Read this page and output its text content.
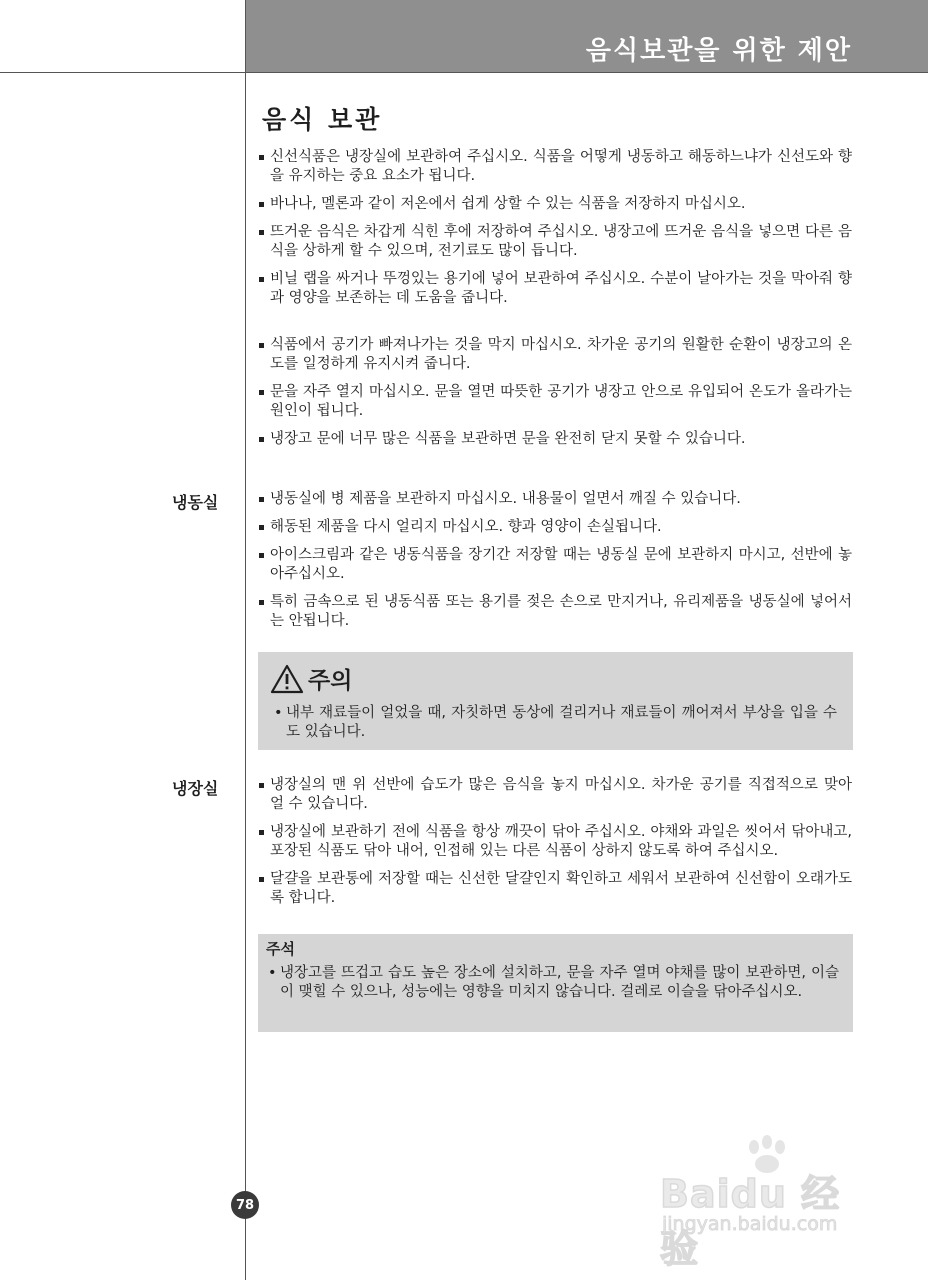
음식보관을 위한 제안
음식 보관
신선식품은 냉장실에 보관하여 주십시오. 식품을 어떻게 냉동하고 해동하느냐가 신선도와 향을 유지하는 중요 요소가 됩니다.
바나나, 멜론과 같이 저온에서 쉽게 상할 수 있는 식품을 저장하지 마십시오.
뜨거운 음식은 차갑게 식힌 후에 저장하여 주십시오. 냉장고에 뜨거운 음식을 넣으면 다른 음식을 상하게 할 수 있으며, 전기료도 많이 듭니다.
비닐 랩을 싸거나 뚜껑있는 용기에 넣어 보관하여 주십시오. 수분이 날아가는 것을 막아줘 향과 영양을 보존하는 데 도움을 줍니다.
식품에서 공기가 빠져나가는 것을 막지 마십시오. 차가운 공기의 원활한 순환이 냉장고의 온도를 일정하게 유지시켜 줍니다.
문을 자주 열지 마십시오. 문을 열면 따뜻한 공기가 냉장고 안으로 유입되어 온도가 올라가는 원인이 됩니다.
냉장고 문에 너무 많은 식품을 보관하면 문을 완전히 닫지 못할 수 있습니다.
냉동실	냉동실에 병 제품을 보관하지 마십시오. 내용물이 얼면서 깨질 수 있습니다.
해동된 제품을 다시 얼리지 마십시오. 향과 영양이 손실됩니다.
아이스크림과 같은 냉동식품을 장기간 저장할 때는 냉동실 문에 보관하지 마시고, 선반에 놓아주십시오.
특히 금속으로 된 냉동식품 또는 용기를 젖은 손으로 만지거나, 유리제품을 냉동실에 넣어서는 안됩니다.
주의
• 내부 재료들이 얼었을 때, 자칫하면 동상에 걸리거나 재료들이 깨어져서 부상을 입을 수도 있습니다.
냉장실	냉장실의 맨 위 선반에 습도가 많은 음식을 놓지 마십시오. 차가운 공기를 직접적으로 맞아 얼 수 있습니다.
냉장실에 보관하기 전에 식품을 항상 깨끗이 닦아 주십시오. 야채와 과일은 씻어서 닦아내고, 포장된 식품도 닦아 내어, 인접해 있는 다른 식품이 상하지 않도록 하여 주십시오.
달걀을 보관통에 저장할 때는 신선한 달걀인지 확인하고 세워서 보관하여 신선함이 오래가도록 합니다.
주석
• 냉장고를 뜨겁고 습도 높은 장소에 설치하고, 문을 자주 열며 야채를 많이 보관하면, 이슬이 맺힐 수 있으나, 성능에는 영향을 미치지 않습니다. 걸레로 이슬을 닦아주십시오.
78	Baidu 经验
jingyan.baidu.com
